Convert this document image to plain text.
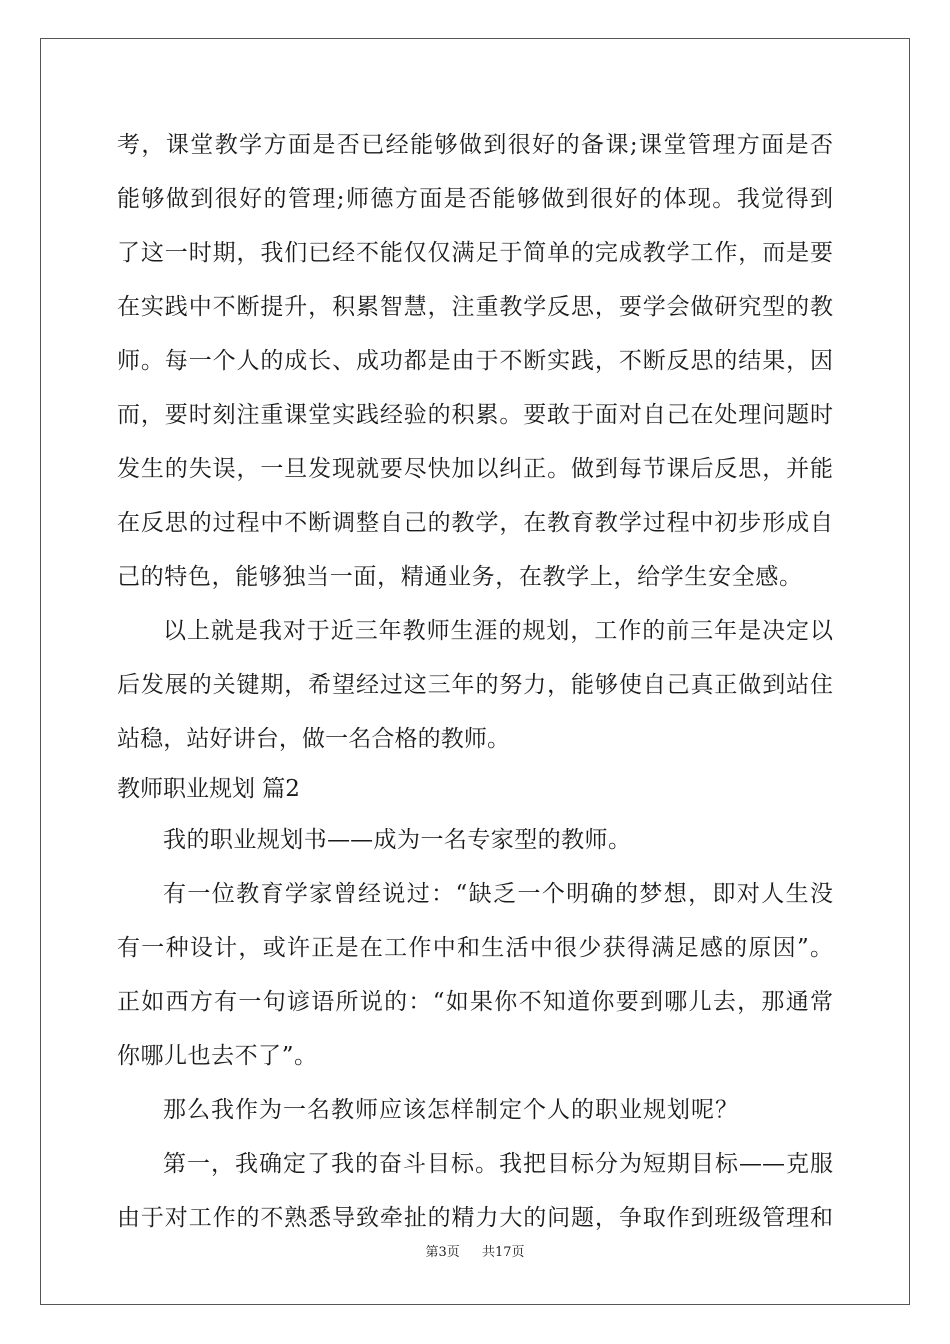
考，课堂教学方面是否已经能够做到很好的备课;课堂管理方面是否
能够做到很好的管理;师德方面是否能够做到很好的体现。我觉得到
了这一时期，我们已经不能仅仅满足于简单的完成教学工作，而是要
在实践中不断提升，积累智慧，注重教学反思，要学会做研究型的教
师。每一个人的成长、成功都是由于不断实践，不断反思的结果，因
而，要时刻注重课堂实践经验的积累。要敢于面对自己在处理问题时
发生的失误，一旦发现就要尽快加以纠正。做到每节课后反思，并能
在反思的过程中不断调整自己的教学，在教育教学过程中初步形成自
己的特色，能够独当一面，精通业务，在教学上，给学生安全感。
以上就是我对于近三年教师生涯的规划，工作的前三年是决定以
后发展的关键期，希望经过这三年的努力，能够使自己真正做到站住
站稳，站好讲台，做一名合格的教师。
教师职业规划 篇2
我的职业规划书——成为一名专家型的教师。
有一位教育学家曾经说过：“缺乏一个明确的梦想，即对人生没
有一种设计，或许正是在工作中和生活中很少获得满足感的原因”。
正如西方有一句谚语所说的：“如果你不知道你要到哪儿去，那通常
你哪儿也去不了”。
那么我作为一名教师应该怎样制定个人的职业规划呢？
第一，我确定了我的奋斗目标。我把目标分为短期目标——克服
由于对工作的不熟悉导致牵扯的精力大的问题，争取作到班级管理和
第3页 共17页
